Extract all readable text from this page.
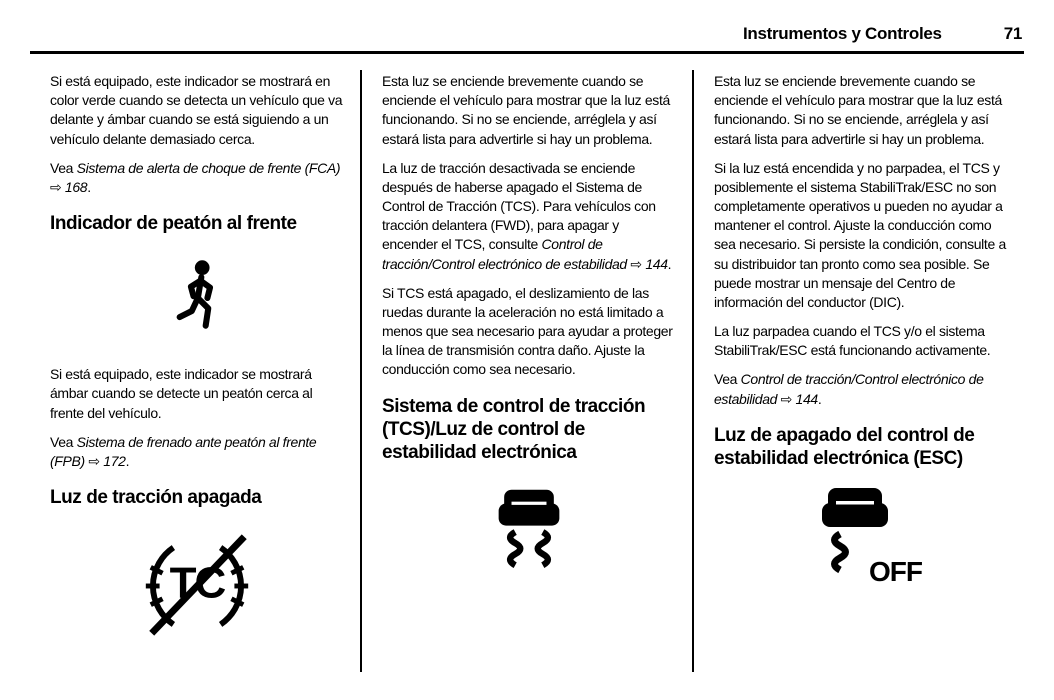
Instrumentos y Controles	71

Si está equipado, este indicador se mostrará en color verde cuando se detecta un vehículo que va delante y ámbar cuando se está siguiendo a un vehículo delante demasiado cerca.

Vea Sistema de alerta de choque de frente (FCA) ⇨ 168.

Indicador de peatón al frente

Si está equipado, este indicador se mostrará ámbar cuando se detecte un peatón cerca al frente del vehículo.

Vea Sistema de frenado ante peatón al frente (FPB) ⇨ 172.

Luz de tracción apagada
TC

Esta luz se enciende brevemente cuando se enciende el vehículo para mostrar que la luz está funcionando. Si no se enciende, arréglela y así estará lista para advertirle si hay un problema.

La luz de tracción desactivada se enciende después de haberse apagado el Sistema de Control de Tracción (TCS). Para vehículos con tracción delantera (FWD), para apagar y encender el TCS, consulte Control de tracción/Control electrónico de estabilidad ⇨ 144.

Si TCS está apagado, el deslizamiento de las ruedas durante la aceleración no está limitado a menos que sea necesario para ayudar a proteger la línea de transmisión contra daño. Ajuste la conducción como sea necesario.

Sistema de control de tracción (TCS)/Luz de control de estabilidad electrónica

Esta luz se enciende brevemente cuando se enciende el vehículo para mostrar que la luz está funcionando. Si no se enciende, arréglela y así estará lista para advertirle si hay un problema.

Si la luz está encendida y no parpadea, el TCS y posiblemente el sistema StabiliTrak/ESC no son completamente operativos u pueden no ayudar a mantener el control. Ajuste la conducción como sea necesario. Si persiste la condición, consulte a su distribuidor tan pronto como sea posible. Se puede mostrar un mensaje del Centro de información del conductor (DIC).

La luz parpadea cuando el TCS y/o el sistema StabiliTrak/ESC está funcionando activamente.

Vea Control de tracción/Control electrónico de estabilidad ⇨ 144.

Luz de apagado del control de estabilidad electrónica (ESC)
OFF
